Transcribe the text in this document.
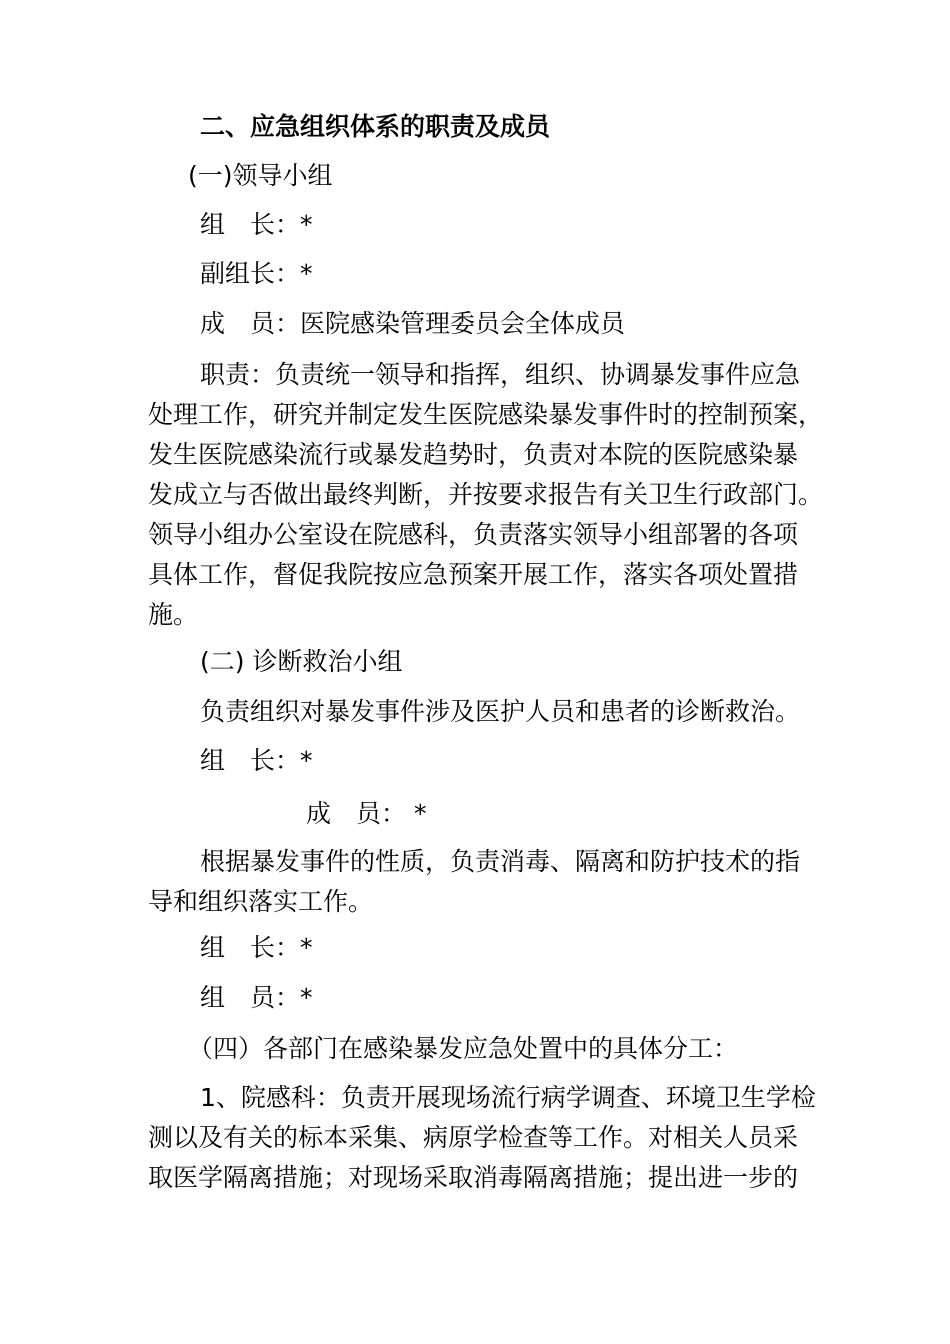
二、应急组织体系的职责及成员
(一)领导小组
组　长：*
副组长：*
成　员：医院感染管理委员会全体成员

职责：负责统一领导和指挥，组织、协调暴发事件应急

处理工作，研究并制定发生医院感染暴发事件时的控制预案，

发生医院感染流行或暴发趋势时，负责对本院的医院感染暴

发成立与否做出最终判断，并按要求报告有关卫生行政部门。

领导小组办公室设在院感科，负责落实领导小组部署的各项

具体工作，督促我院按应急预案开展工作，落实各项处置措

施。

(二) 诊断救治小组
负责组织对暴发事件涉及医护人员和患者的诊断救治。
组　长：*
成　员： *

根据暴发事件的性质，负责消毒、隔离和防护技术的指

导和组织落实工作。

组　长：*
组　员：*
（四）各部门在感染暴发应急处置中的具体分工：

1、院感科：负责开展现场流行病学调查、环境卫生学检

测以及有关的标本采集、病原学检查等工作。对相关人员采

取医学隔离措施；对现场采取消毒隔离措施；提出进一步的
